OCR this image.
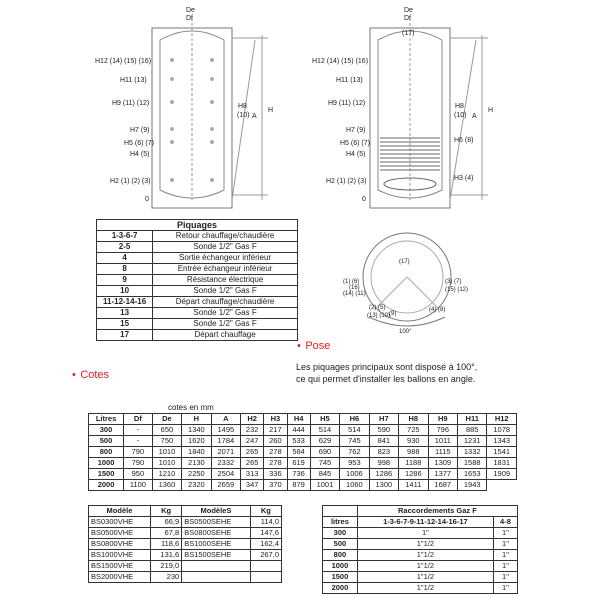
De
Df
H12 (14) (15) (16)
H11 (13)
H9 (11) (12)
H7 (9)
H5 (6) (7)
H4 (5)
H2 (1) (2) (3)
0
H8
(10) A
H
De
Df
(17)
H12 (14) (15) (16)
H11 (13)
H9 (11) (12)
H7 (9)
H5 (6) (7)
H4 (5)
H2 (1) (2) (3)
0
H8
(10)
H6 (8)
H3 (4)
A
H
Piquages	
1-3-6-7	Retour chauffage/chaudière
2-5	Sonde 1/2" Gas F
4	Sortie échangeur inférieur
8	Entrée échangeur inférieur
9	Résistance électrique
10	Sonde 1/2" Gas F
11-12-14-16	Départ chauffage/chaudière
13	Sonde 1/2" Gas F
15	Sonde 1/2" Gas F
17	Départ chauffage
(17)
(1) (6)
(16)
(14) (11)
(3) (7)
(15) (12)
(2) (5)
(13) (10)
(4) (8)
(9)
100°
• Pose
Les piquages principaux sont disposé à 100°,
ce qui permet d'installer les ballons en angle.
• Cotes
cotes en mm
Litres	Df	De	H	A	H2	H3	H4	H5	H6	H7	H8	H9	H11	H12
300	-	650	1340	1495	232	217	444	514	514	590	725	796	885	1078
500	-	750	1620	1784	247	260	533	629	745	841	930	1011	1231	1343
800	790	1010	1840	2071	265	278	584	690	762	823	988	1115	1332	1541
1000	790	1010	2130	2332	265	278	619	745	953	998	1188	1309	1588	1831
1500	950	1210	2250	2504	313	336	736	845	1006	1286	1286	1377	1653	1909
2000	1100	1360	2320	2659	347	370	879	1001	1060	1300	1411	1687	1943	
Modèle	Kg	ModèleS	Kg
BS0300VHE	66,9	BS0500SEHE	114,0
BS0500VHE	67,8	BS0800SEHE	147,6
BS0800VHE	118,6	BS1000SEHE	162,4
BS1000VHE	131,6	BS1500SEHE	267,0
BS1500VHE	219,0		
BS2000VHE	230		
	Raccordements Gaz F	
litres	1-3-6-7-9-11-12-14-16-17	4-8
300	1"	1"
500	1"1/2	1"
800	1"1/2	1"
1000	1"1/2	1"
1500	1"1/2	1"
2000	1"1/2	1"
